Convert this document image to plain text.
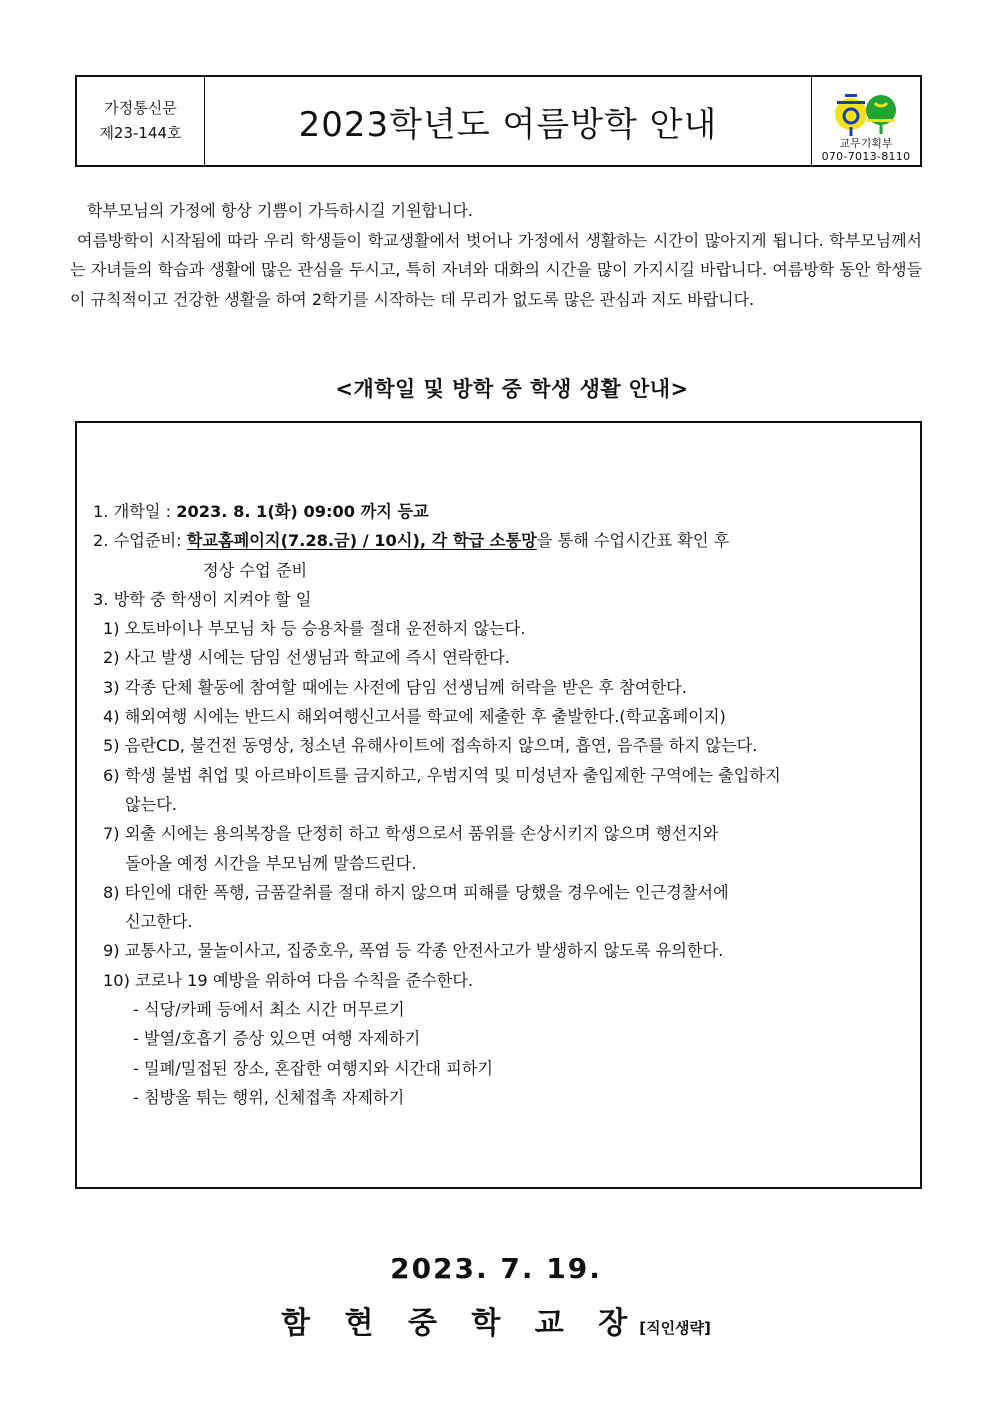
가정통신문
제23-144호	2023학년도 여름방학 안내	교무기획부
070-7013-8110

학부모님의 가정에 항상 기쁨이 가득하시길 기원합니다.

여름방학이 시작됨에 따라 우리 학생들이 학교생활에서 벗어나 가정에서 생활하는 시간이 많아지게 됩니다. 학부모님께서는 자녀들의 학습과 생활에 많은 관심을 두시고, 특히 자녀와 대화의 시간을 많이 가지시길 바랍니다. 여름방학 동안 학생들이 규칙적이고 건강한 생활을 하여 2학기를 시작하는 데 무리가 없도록 많은 관심과 지도 바랍니다.

<개학일 및 방학 중 학생 생활 안내>
1. 개학일 : 2023. 8. 1(화) 09:00 까지 등교
2. 수업준비: 학교홈페이지(7.28.금) / 10시), 각 학급 소통망을 통해 수업시간표 확인 후
정상 수업 준비
3. 방학 중 학생이 지켜야 할 일
1) 오토바이나 부모님 차 등 승용차를 절대 운전하지 않는다.
2) 사고 발생 시에는 담임 선생님과 학교에 즉시 연락한다.
3) 각종 단체 활동에 참여할 때에는 사전에 담임 선생님께 허락을 받은 후 참여한다.
4) 해외여행 시에는 반드시 해외여행신고서를 학교에 제출한 후 출발한다.(학교홈페이지)
5) 음란CD, 불건전 동영상, 청소년 유해사이트에 접속하지 않으며, 흡연, 음주를 하지 않는다.
6) 학생 불법 취업 및 아르바이트를 금지하고, 우범지역 및 미성년자 출입제한 구역에는 출입하지
않는다.
7) 외출 시에는 용의복장을 단정히 하고 학생으로서 품위를 손상시키지 않으며 행선지와
돌아올 예정 시간을 부모님께 말씀드린다.
8) 타인에 대한 폭행, 금품갈취를 절대 하지 않으며 피해를 당했을 경우에는 인근경찰서에
신고한다.
9) 교통사고, 물놀이사고, 집중호우, 폭염 등 각종 안전사고가 발생하지 않도록 유의한다.
10) 코로나 19 예방을 위하여 다음 수칙을 준수한다.
- 식당/카페 등에서 최소 시간 머무르기
- 발열/호흡기 증상 있으면 여행 자제하기
- 밀폐/밀접된 장소, 혼잡한 여행지와 시간대 피하기
- 침방울 튀는 행위, 신체접촉 자제하기
2023. 7. 19.
함 현 중 학 교 장[직인생략]
